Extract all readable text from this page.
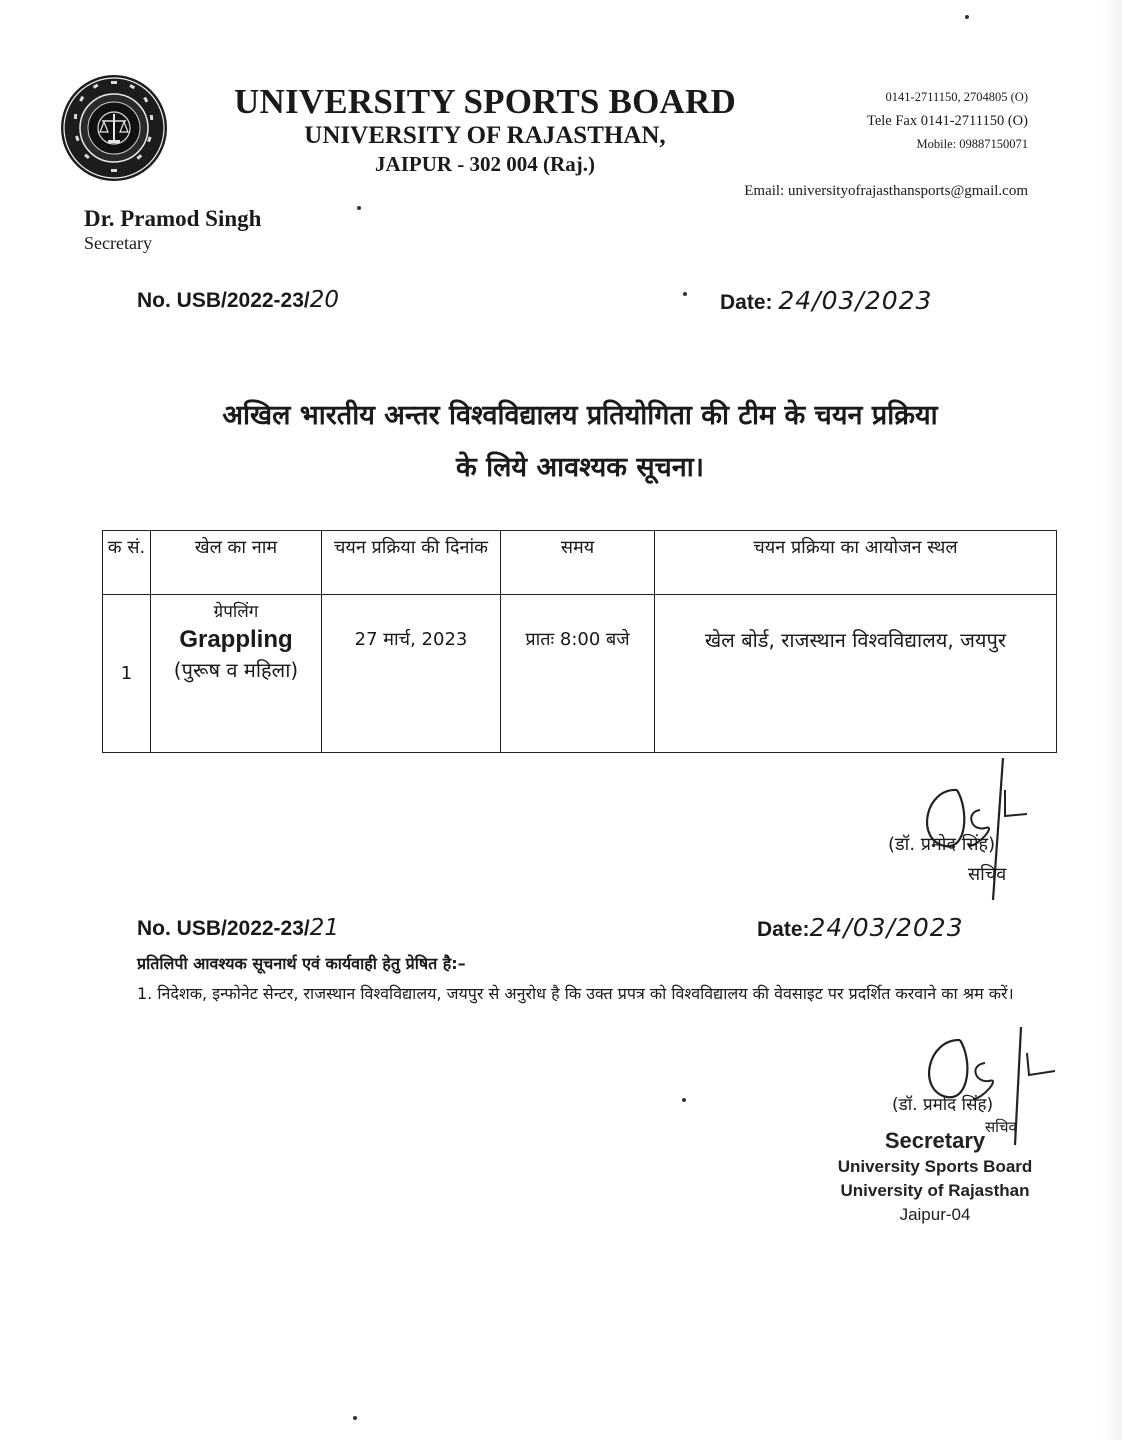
UNIVERSITY SPORTS BOARD
UNIVERSITY OF RAJASTHAN,
JAIPUR - 302 004 (Raj.)
0141-2711150, 2704805 (O)
Tele Fax 0141-2711150 (O)
Mobile: 09887150071
Email: universityofrajasthansports@gmail.com
Dr. Pramod Singh
Secretary
No. USB/2022-23/20	Date: 24/03/2023
अखिल भारतीय अन्तर विश्वविद्यालय प्रतियोगिता की टीम के चयन प्रक्रिया
के लिये आवश्यक सूचना।
क सं.	खेल का नाम	चयन प्रक्रिया की दिनांक	समय	चयन प्रक्रिया का आयोजन स्थल
1	ग्रेपलिंग
Grappling
(पुरूष व महिला)	27 मार्च, 2023	प्रातः 8:00 बजे	खेल बोर्ड, राजस्थान विश्वविद्यालय, जयपुर
(डॉ. प्रमोद सिंह)
सचिव
No. USB/2022-23/21	Date:24/03/2023
प्रतिलिपी आवश्यक सूचनार्थ एवं कार्यवाही हेतु प्रेषित है:–
1. निदेशक, इन्फोनेट सेन्टर, राजस्थान विश्वविद्यालय, जयपुर से अनुरोध है कि उक्त प्रपत्र को विश्वविद्यालय की वेवसाइट पर प्रदर्शित करवाने का श्रम करें।
(डॉ. प्रमोद सिंह)
सचिव
Secretary
University Sports Board
University of Rajasthan
Jaipur-04
